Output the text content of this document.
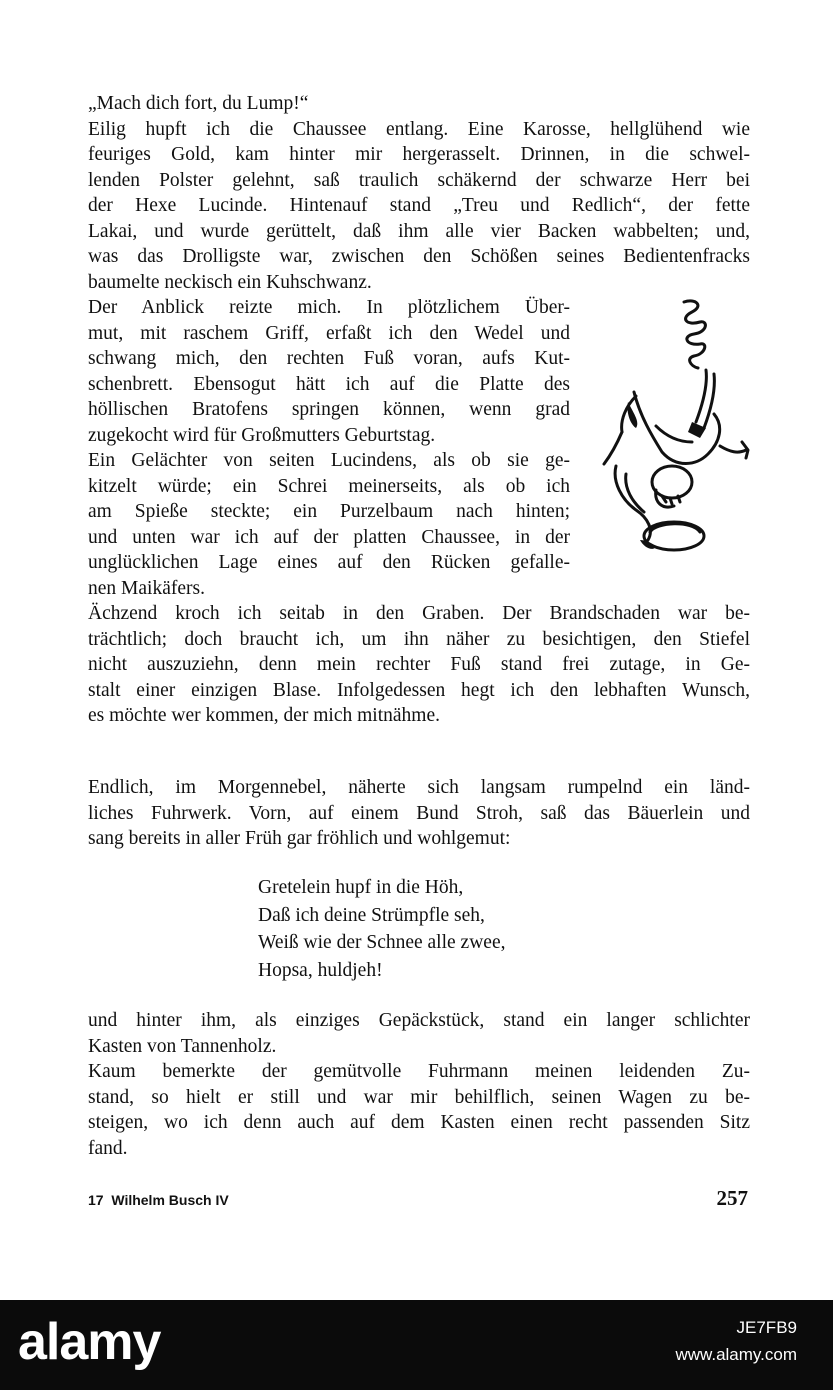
„Mach dich fort, du Lump!“
Eilig hupft ich die Chaussee entlang. Eine Karosse, hellglühend wie
feuriges Gold, kam hinter mir hergerasselt. Drinnen, in die schwel-
lenden Polster gelehnt, saß traulich schäkernd der schwarze Herr bei
der Hexe Lucinde. Hintenauf stand „Treu und Redlich“, der fette
Lakai, und wurde gerüttelt, daß ihm alle vier Backen wabbelten; und,
was das Drolligste war, zwischen den Schößen seines Bedientenfracks
baumelte neckisch ein Kuhschwanz.
Der Anblick reizte mich. In plötzlichem Über-
mut, mit raschem Griff, erfaßt ich den Wedel und
schwang mich, den rechten Fuß voran, aufs Kut-
schenbrett. Ebensogut hätt ich auf die Platte des
höllischen Bratofens springen können, wenn grad
zugekocht wird für Großmutters Geburtstag.
Ein Gelächter von seiten Lucindens, als ob sie ge-
kitzelt würde; ein Schrei meinerseits, als ob ich
am Spieße steckte; ein Purzelbaum nach hinten;
und unten war ich auf der platten Chaussee, in der
unglücklichen Lage eines auf den Rücken gefalle-
nen Maikäfers.
Ächzend kroch ich seitab in den Graben. Der Brandschaden war be-
trächtlich; doch braucht ich, um ihn näher zu besichtigen, den Stiefel
nicht auszuziehn, denn mein rechter Fuß stand frei zutage, in Ge-
stalt einer einzigen Blase. Infolgedessen hegt ich den lebhaften Wunsch,
es möchte wer kommen, der mich mitnähme.
Endlich, im Morgennebel, näherte sich langsam rumpelnd ein länd-
liches Fuhrwerk. Vorn, auf einem Bund Stroh, saß das Bäuerlein und
sang bereits in aller Früh gar fröhlich und wohlgemut:
Gretelein hupf in die Höh,
Daß ich deine Strümpfle seh,
Weiß wie der Schnee alle zwee,
Hopsa, huldjeh!
und hinter ihm, als einziges Gepäckstück, stand ein langer schlichter
Kasten von Tannenholz.
Kaum bemerkte der gemütvolle Fuhrmann meinen leidenden Zu-
stand, so hielt er still und war mir behilflich, seinen Wagen zu be-
steigen, wo ich denn auch auf dem Kasten einen recht passenden Sitz
fand.
17  Wilhelm Busch IV	257
alamy	JE7FB9
www.alamy.com
